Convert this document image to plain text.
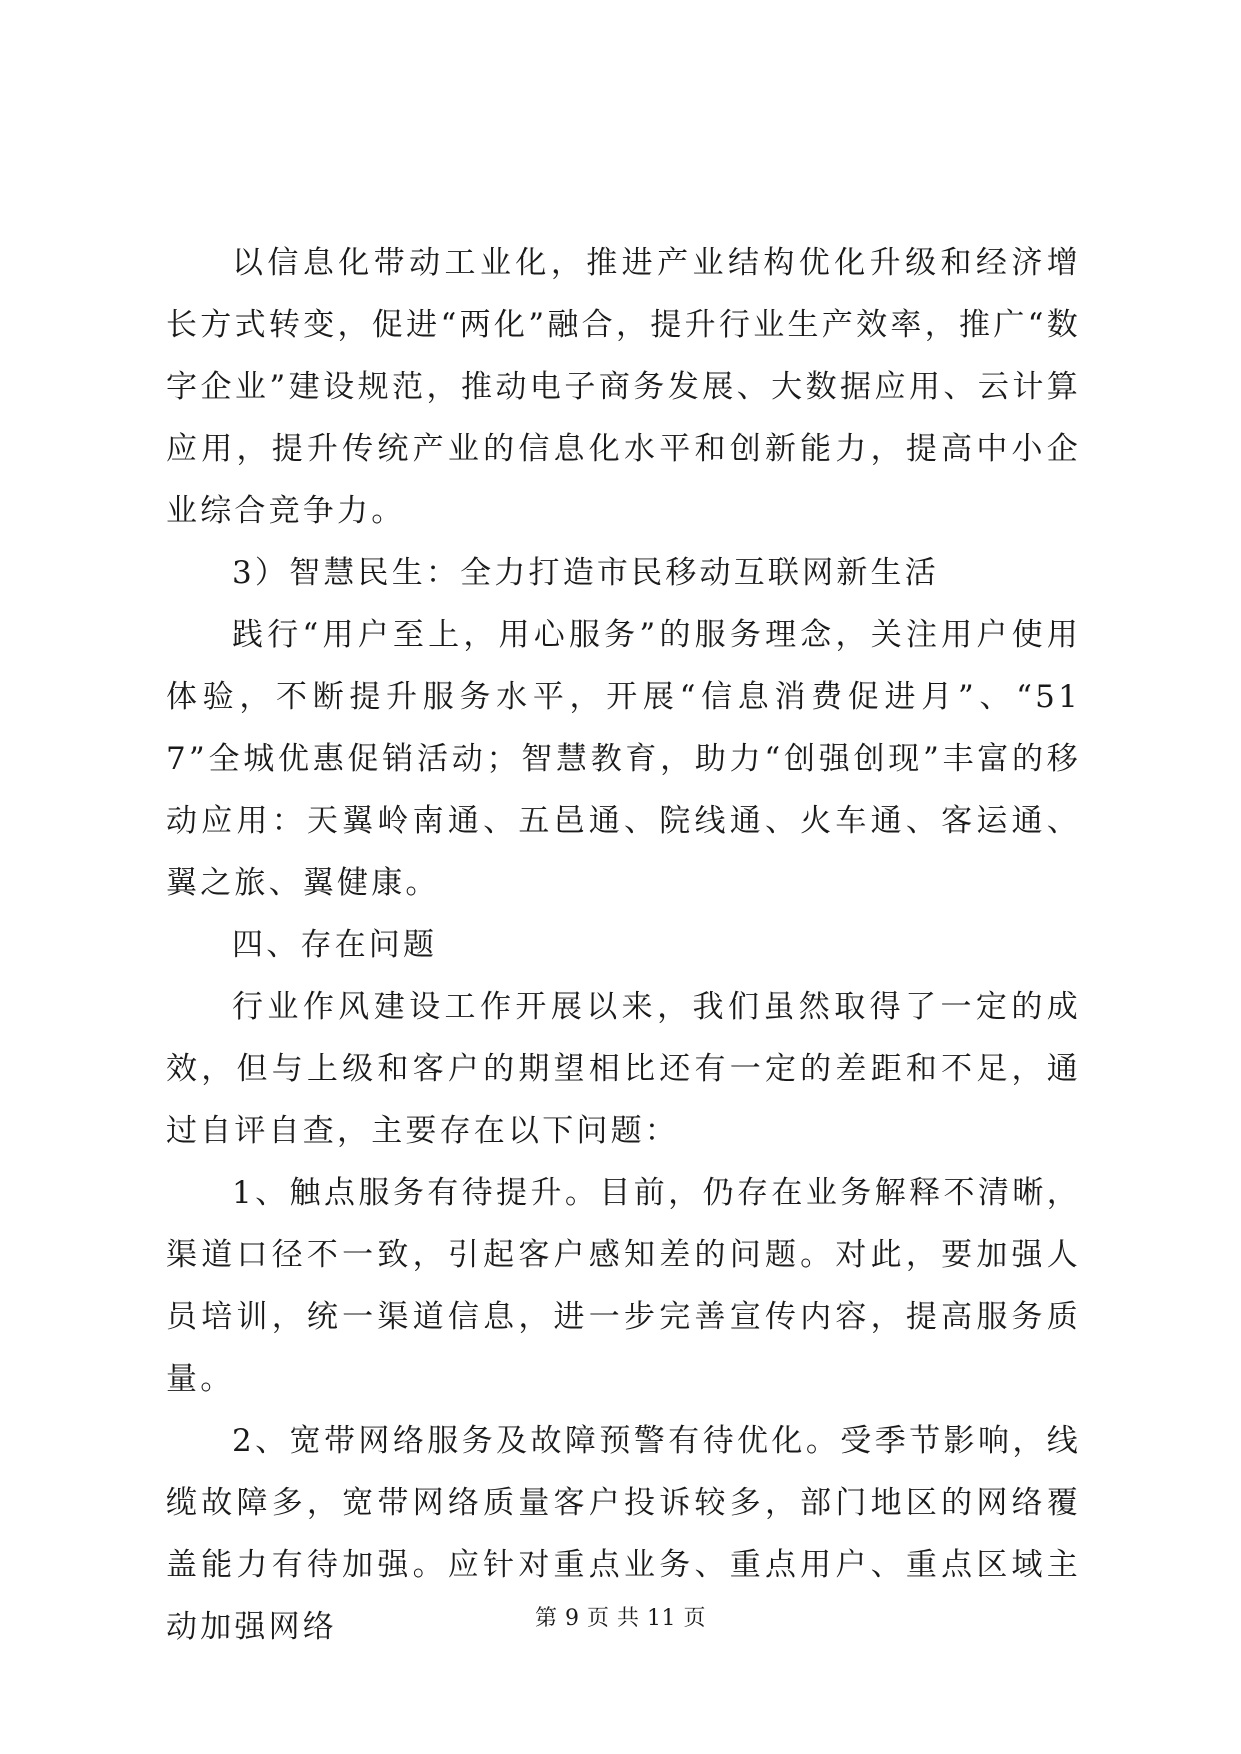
以信息化带动工业化，推进产业结构优化升级和经济增长方式转变，促进“两化”融合，提升行业生产效率，推广“数字企业”建设规范，推动电子商务发展、大数据应用、云计算应用，提升传统产业的信息化水平和创新能力，提高中小企业综合竞争力。

3）智慧民生：全力打造市民移动互联网新生活

践行“用户至上，用心服务”的服务理念，关注用户使用体验，不断提升服务水平，开展“信息消费促进月”、“517”全城优惠促销活动；智慧教育，助力“创强创现”丰富的移动应用：天翼岭南通、五邑通、院线通、火车通、客运通、翼之旅、翼健康。

四、存在问题

行业作风建设工作开展以来，我们虽然取得了一定的成效，但与上级和客户的期望相比还有一定的差距和不足，通过自评自查，主要存在以下问题：

1、触点服务有待提升。目前，仍存在业务解释不清晰，渠道口径不一致，引起客户感知差的问题。对此，要加强人员培训，统一渠道信息，进一步完善宣传内容，提高服务质量。

2、宽带网络服务及故障预警有待优化。受季节影响，线缆故障多，宽带网络质量客户投诉较多，部门地区的网络覆盖能力有待加强。应针对重点业务、重点用户、重点区域主动加强网络	第 9 页 共 11 页
